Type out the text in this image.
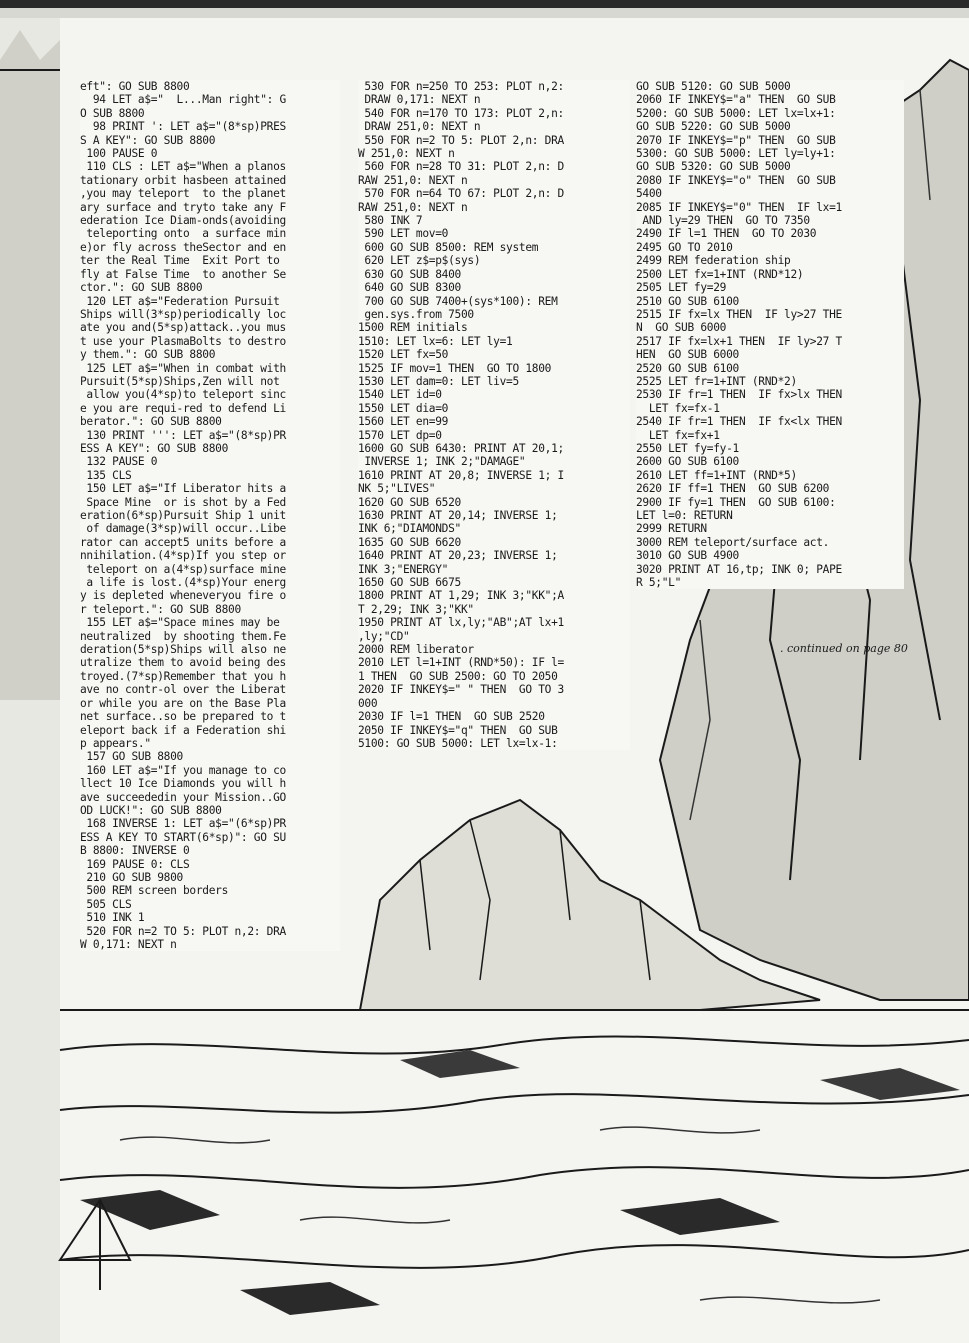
eft": GO SUB 8800
94 LET a$="  L...Man right": G
O SUB 8800
98 PRINT ': LET a$="(8*sp)PRES
S A KEY": GO SUB 8800
100 PAUSE 0
110 CLS : LET a$="When a planos
tationary orbit hasbeen attained
,you may teleport  to the planet
ary surface and tryto take any F
ederation Ice Diam-onds(avoiding
teleporting onto  a surface min
e)or fly across theSector and en
ter the Real Time  Exit Port to
fly at False Time  to another Se
ctor.": GO SUB 8800
120 LET a$="Federation Pursuit
Ships will(3*sp)periodically loc
ate you and(5*sp)attack..you mus
t use your PlasmaBolts to destro
y them.": GO SUB 8800
125 LET a$="When in combat with
Pursuit(5*sp)Ships,Zen will not
allow you(4*sp)to teleport sinc
e you are requi-red to defend Li
berator.": GO SUB 8800
130 PRINT ''': LET a$="(8*sp)PR
ESS A KEY": GO SUB 8800
132 PAUSE 0
135 CLS
150 LET a$="If Liberator hits a
Space Mine  or is shot by a Fed
eration(6*sp)Pursuit Ship 1 unit
of damage(3*sp)will occur..Libe
rator can accept5 units before a
nnihilation.(4*sp)If you step or
teleport on a(4*sp)surface mine
a life is lost.(4*sp)Your energ
y is depleted wheneveryou fire o
r teleport.": GO SUB 8800
155 LET a$="Space mines may be
neutralized  by shooting them.Fe
deration(5*sp)Ships will also ne
utralize them to avoid being des
troyed.(7*sp)Remember that you h
ave no contr-ol over the Liberat
or while you are on the Base Pla
net surface..so be prepared to t
eleport back if a Federation shi
p appears."
157 GO SUB 8800
160 LET a$="If you manage to co
llect 10 Ice Diamonds you will h
ave succeededin your Mission..GO
OD LUCK!": GO SUB 8800
168 INVERSE 1: LET a$="(6*sp)PR
ESS A KEY TO START(6*sp)": GO SU
B 8800: INVERSE 0
169 PAUSE 0: CLS
210 GO SUB 9800
500 REM screen borders
505 CLS
510 INK 1
520 FOR n=2 TO 5: PLOT n,2: DRA
W 0,171: NEXT n
530 FOR n=250 TO 253: PLOT n,2:
DRAW 0,171: NEXT n
540 FOR n=170 TO 173: PLOT 2,n:
DRAW 251,0: NEXT n
550 FOR n=2 TO 5: PLOT 2,n: DRA
W 251,0: NEXT n
560 FOR n=28 TO 31: PLOT 2,n: D
RAW 251,0: NEXT n
570 FOR n=64 TO 67: PLOT 2,n: D
RAW 251,0: NEXT n
580 INK 7
590 LET mov=0
600 GO SUB 8500: REM system
620 LET z$=p$(sys)
630 GO SUB 8400
640 GO SUB 8300
700 GO SUB 7400+(sys*100): REM
gen.sys.from 7500
1500 REM initials
1510: LET lx=6: LET ly=1
1520 LET fx=50
1525 IF mov=1 THEN  GO TO 1800
1530 LET dam=0: LET liv=5
1540 LET id=0
1550 LET dia=0
1560 LET en=99
1570 LET dp=0
1600 GO SUB 6430: PRINT AT 20,1;
INVERSE 1; INK 2;"DAMAGE"
1610 PRINT AT 20,8; INVERSE 1; I
NK 5;"LIVES"
1620 GO SUB 6520
1630 PRINT AT 20,14; INVERSE 1;
INK 6;"DIAMONDS"
1635 GO SUB 6620
1640 PRINT AT 20,23; INVERSE 1;
INK 3;"ENERGY"
1650 GO SUB 6675
1800 PRINT AT 1,29; INK 3;"KK";A
T 2,29; INK 3;"KK"
1950 PRINT AT lx,ly;"AB";AT lx+1
,ly;"CD"
2000 REM liberator
2010 LET l=1+INT (RND*50): IF l=
1 THEN  GO SUB 2500: GO TO 2050
2020 IF INKEY$=" " THEN  GO TO 3
000
2030 IF l=1 THEN  GO SUB 2520
2050 IF INKEY$="q" THEN  GO SUB
5100: GO SUB 5000: LET lx=lx-1:
GO SUB 5120: GO SUB 5000
2060 IF INKEY$="a" THEN  GO SUB
5200: GO SUB 5000: LET lx=lx+1:
GO SUB 5220: GO SUB 5000
2070 IF INKEY$="p" THEN  GO SUB
5300: GO SUB 5000: LET ly=ly+1:
GO SUB 5320: GO SUB 5000
2080 IF INKEY$="o" THEN  GO SUB
5400
2085 IF INKEY$="0" THEN  IF lx=1
AND ly=29 THEN  GO TO 7350
2490 IF l=1 THEN  GO TO 2030
2495 GO TO 2010
2499 REM federation ship
2500 LET fx=1+INT (RND*12)
2505 LET fy=29
2510 GO SUB 6100
2515 IF fx=lx THEN  IF ly>27 THE
N  GO SUB 6000
2517 IF fx=lx+1 THEN  IF ly>27 T
HEN  GO SUB 6000
2520 GO SUB 6100
2525 LET fr=1+INT (RND*2)
2530 IF fr=1 THEN  IF fx>lx THEN
LET fx=fx-1
2540 IF fr=1 THEN  IF fx<lx THEN
LET fx=fx+1
2550 LET fy=fy-1
2600 GO SUB 6100
2610 LET ff=1+INT (RND*5)
2620 IF ff=1 THEN  GO SUB 6200
2900 IF fy=1 THEN  GO SUB 6100:
LET l=0: RETURN
2999 RETURN
3000 REM teleport/surface act.
3010 GO SUB 4900
3020 PRINT AT 16,tp; INK 0; PAPE
R 5;"L"
. continued on page 80
